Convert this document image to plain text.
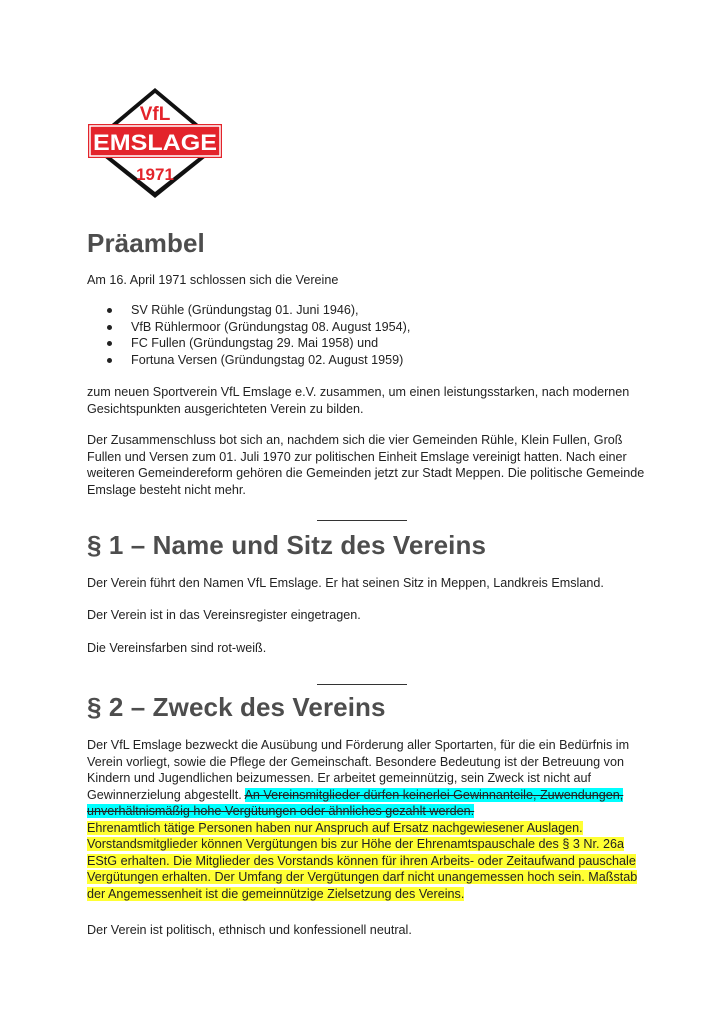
VfL
EMSLAGE
1971
Präambel

Am 16. April 1971 schlossen sich die Vereine

SV Rühle (Gründungstag 01. Juni 1946),
VfB Rühlermoor (Gründungstag 08. August 1954),
FC Fullen (Gründungstag 29. Mai 1958) und
Fortuna Versen (Gründungstag 02. August 1959)

zum neuen Sportverein VfL Emslage e.V. zusammen, um einen leistungsstarken, nach modernen Gesichtspunkten ausgerichteten Verein zu bilden.

Der Zusammenschluss bot sich an, nachdem sich die vier Gemeinden Rühle, Klein Fullen, Groß Fullen und Versen zum 01. Juli 1970 zur politischen Einheit Emslage vereinigt hatten. Nach einer weiteren Gemeindereform gehören die Gemeinden jetzt zur Stadt Meppen. Die politische Gemeinde Emslage besteht nicht mehr.

§ 1 – Name und Sitz des Vereins

Der Verein führt den Namen VfL Emslage. Er hat seinen Sitz in Meppen, Landkreis Emsland.

Der Verein ist in das Vereinsregister eingetragen.

Die Vereinsfarben sind rot-weiß.

§ 2 – Zweck des Vereins

Der VfL Emslage bezweckt die Ausübung und Förderung aller Sportarten, für die ein Bedürfnis im Verein vorliegt, sowie die Pflege der Gemeinschaft. Besondere Bedeutung ist der Betreuung von Kindern und Jugendlichen beizumessen. Er arbeitet gemeinnützig, sein Zweck ist nicht auf Gewinnerzielung abgestellt. An Vereinsmitglieder dürfen keinerlei Gewinnanteile, Zuwendungen, unverhältnismäßig hohe Vergütungen oder ähnliches gezahlt werden.
Ehrenamtlich tätige Personen haben nur Anspruch auf Ersatz nachgewiesener Auslagen. Vorstandsmitglieder können Vergütungen bis zur Höhe der Ehrenamtspauschale des § 3 Nr. 26a EStG erhalten. Die Mitglieder des Vorstands können für ihren Arbeits- oder Zeitaufwand pauschale Vergütungen erhalten. Der Umfang der Vergütungen darf nicht unangemessen hoch sein. Maßstab der Angemessenheit ist die gemeinnützige Zielsetzung des Vereins.

Der Verein ist politisch, ethnisch und konfessionell neutral.
